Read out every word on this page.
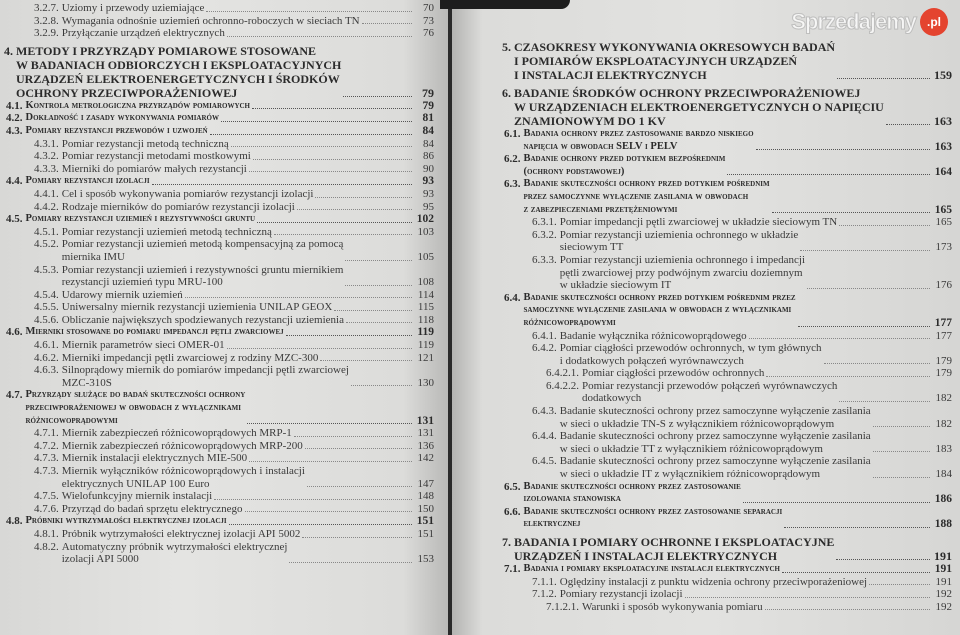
3.2.7. Uziomy i przewody uziemiające	70
3.2.8. Wymagania odnośnie uziemień ochronno-roboczych w sieciach TN	73
3.2.9. Przyłączanie urządzeń elektrycznych	76
4. METODY I PRZYRZĄDY POMIAROWE STOSOWANE
W BADANIACH ODBIORCZYCH I EKSPLOATACYJNYCH
URZĄDZEŃ ELEKTROENERGETYCZNYCH I ŚRODKÓW
OCHRONY PRZECIWPORAŻENIOWEJ	79
4.1. Kontrola metrologiczna przyrządów pomiarowych	79
4.2. Dokładność i zasady wykonywania pomiarów	81
4.3. Pomiary rezystancji przewodów i uzwojeń	84
4.3.1. Pomiar rezystancji metodą techniczną	84
4.3.2. Pomiar rezystancji metodami mostkowymi	86
4.3.3. Mierniki do pomiarów małych rezystancji	90
4.4. Pomiary rezystancji izolacji	93
4.4.1. Cel i sposób wykonywania pomiarów rezystancji izolacji	93
4.4.2. Rodzaje mierników do pomiarów rezystancji izolacji	95
4.5. Pomiary rezystancji uziemień i rezystywności gruntu	102
4.5.1. Pomiar rezystancji uziemień metodą techniczną	103
4.5.2. Pomiar rezystancji uziemień metodą kompensacyjną za pomocą
miernika IMU	105
4.5.3. Pomiar rezystancji uziemień i rezystywności gruntu miernikiem
rezystancji uziemień typu MRU-100	108
4.5.4. Udarowy miernik uziemień	114
4.5.5. Uniwersalny miernik rezystancji uziemienia UNILAP GEOX	115
4.5.6. Obliczanie największych spodziewanych rezystancji uziemienia	118
4.6. Mierniki stosowane do pomiaru impedancji pętli zwarciowej	119
4.6.1. Miernik parametrów sieci OMER-01	119
4.6.2. Mierniki impedancji pętli zwarciowej z rodziny MZC-300	121
4.6.3. Silnoprądowy miernik do pomiarów impedancji pętli zwarciowej
MZC-310S	130
4.7. Przyrządy służące do badań skuteczności ochrony
przeciwporażeniowej w obwodach z wyłącznikami
różnicowoprądowymi	131
4.7.1. Miernik zabezpieczeń różnicowoprądowych MRP-1	131
4.7.2. Miernik zabezpieczeń różnicowoprądowych MRP-200	136
4.7.3. Miernik instalacji elektrycznych MIE-500	142
4.7.3. Miernik wyłączników różnicowoprądowych i instalacji
elektrycznych UNILAP 100 Euro	147
4.7.5. Wielofunkcyjny miernik instalacji	148
4.7.6. Przyrząd do badań sprzętu elektrycznego	150
4.8. Próbniki wytrzymałości elektrycznej izolacji	151
4.8.1. Próbnik wytrzymałości elektrycznej izolacji API 5002	151
4.8.2. Automatyczny próbnik wytrzymałości elektrycznej
izolacji API 5000	153
5. CZASOKRESY WYKONYWANIA OKRESOWYCH BADAŃ
I POMIARÓW EKSPLOATACYJNYCH URZĄDZEŃ
I INSTALACJI ELEKTRYCZNYCH	159
6. BADANIE ŚRODKÓW OCHRONY PRZECIWPORAŻENIOWEJ
W URZĄDZENIACH ELEKTROENERGETYCZNYCH O NAPIĘCIU
ZNAMIONOWYM DO 1 KV	163
6.1. Badania ochrony przez zastosowanie bardzo niskiego
napięcia w obwodach SELV i PELV	163
6.2. Badanie ochrony przed dotykiem bezpośrednim
(ochrony podstawowej)	164
6.3. Badanie skuteczności ochrony przed dotykiem pośrednim
przez samoczynne wyłączenie zasilania w obwodach
z zabezpieczeniami przetężeniowymi	165
6.3.1. Pomiar impedancji pętli zwarciowej w układzie sieciowym TN	165
6.3.2. Pomiar rezystancji uziemienia ochronnego w układzie
sieciowym TT	173
6.3.3. Pomiar rezystancji uziemienia ochronnego i impedancji
pętli zwarciowej przy podwójnym zwarciu doziemnym
w układzie sieciowym IT	176
6.4. Badanie skuteczności ochrony przed dotykiem pośrednim przez
samoczynne wyłączenie zasilania w obwodach z wyłącznikami
różnicowoprądowymi	177
6.4.1. Badanie wyłącznika różnicowoprądowego	177
6.4.2. Pomiar ciągłości przewodów ochronnych, w tym głównych
i dodatkowych połączeń wyrównawczych	179
6.4.2.1. Pomiar ciągłości przewodów ochronnych	179
6.4.2.2. Pomiar rezystancji przewodów połączeń wyrównawczych
dodatkowych	182
6.4.3. Badanie skuteczności ochrony przez samoczynne wyłączenie zasilania
w sieci o układzie TN-S z wyłącznikiem różnicowoprądowym	182
6.4.4. Badanie skuteczności ochrony przez samoczynne wyłączenie zasilania
w sieci o układzie TT z wyłącznikiem różnicowoprądowym	183
6.4.5. Badanie skuteczności ochrony przez samoczynne wyłączenie zasilania
w sieci o układzie IT z wyłącznikiem różnicowoprądowym	184
6.5. Badanie skuteczności ochrony przez zastosowanie
izolowania stanowiska	186
6.6. Badanie skuteczności ochrony przez zastosowanie separacji
elektrycznej	188
7. BADANIA I POMIARY OCHRONNE I EKSPLOATACYJNE
URZĄDZEŃ I INSTALACJI ELEKTRYCZNYCH	191
7.1. Badania i pomiary eksploatacyjne instalacji elektrycznych	191
7.1.1. Oględziny instalacji z punktu widzenia ochrony przeciwporażeniowej	191
7.1.2. Pomiary rezystancji izolacji	192
7.1.2.1. Warunki i sposób wykonywania pomiaru	192
Sprzedajemy .pl
